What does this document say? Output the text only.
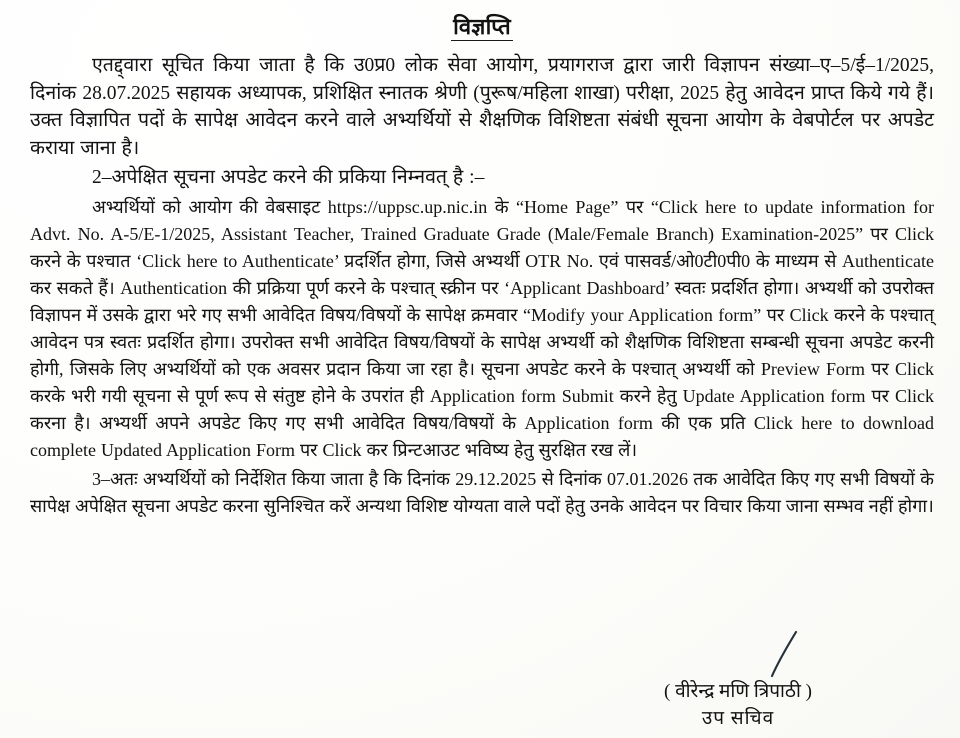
विज्ञप्ति

एतद्द्वारा सूचित किया जाता है कि उ0प्र0 लोक सेवा आयोग, प्रयागराज द्वारा जारी विज्ञापन संख्या–ए–5/ई–1/2025, दिनांक 28.07.2025 सहायक अध्यापक, प्रशिक्षित स्नातक श्रेणी (पुरूष/महिला शाखा) परीक्षा, 2025 हेतु आवेदन प्राप्त किये गये हैं। उक्त विज्ञापित पदों के सापेक्ष आवेदन करने वाले अभ्यर्थियों से शैक्षणिक विशिष्टता संबंधी सूचना आयोग के वेबपोर्टल पर अपडेट कराया जाना है।

2–अपेक्षित सूचना अपडेट करने की प्रकिया निम्नवत् है :–

अभ्यर्थियों को आयोग की वेबसाइट https://uppsc.up.nic.in के “Home Page” पर “Click here to update information for Advt. No. A-5/E-1/2025, Assistant Teacher, Trained Graduate Grade (Male/Female Branch) Examination-2025” पर Click करने के पश्चात ‘Click here to Authenticate’ प्रदर्शित होगा, जिसे अभ्यर्थी OTR No. एवं पासवर्ड/ओ0टी0पी0 के माध्यम से Authenticate कर सकते हैं। Authentication की प्रक्रिया पूर्ण करने के पश्चात् स्क्रीन पर ‘Applicant Dashboard’ स्वतः प्रदर्शित होगा। अभ्यर्थी को उपरोक्त विज्ञापन में उसके द्वारा भरे गए सभी आवेदित विषय/विषयों के सापेक्ष क्रमवार “Modify your Application form” पर Click करने के पश्चात् आवेदन पत्र स्वतः प्रदर्शित होगा। उपरोक्त सभी आवेदित विषय/विषयों के सापेक्ष अभ्यर्थी को शैक्षणिक विशिष्टता सम्बन्धी सूचना अपडेट करनी होगी, जिसके लिए अभ्यर्थियों को एक अवसर प्रदान किया जा रहा है। सूचना अपडेट करने के पश्चात् अभ्यर्थी को Preview Form पर Click करके भरी गयी सूचना से पूर्ण रूप से संतुष्ट होने के उपरांत ही Application form Submit करने हेतु Update Application form पर Click करना है। अभ्यर्थी अपने अपडेट किए गए सभी आवेदित विषय/विषयों के Application form की एक प्रति Click here to download complete Updated Application Form पर Click कर प्रिन्टआउट भविष्य हेतु सुरक्षित रख लें।

3–अतः अभ्यर्थियों को निर्देशित किया जाता है कि दिनांक 29.12.2025 से दिनांक 07.01.2026 तक आवेदित किए गए सभी विषयों के सापेक्ष अपेक्षित सूचना अपडेट करना सुनिश्चित करें अन्यथा विशिष्ट योग्यता वाले पदों हेतु उनके आवेदन पर विचार किया जाना सम्भव नहीं होगा।

( वीरेन्द्र मणि त्रिपाठी )
उप सचिव
